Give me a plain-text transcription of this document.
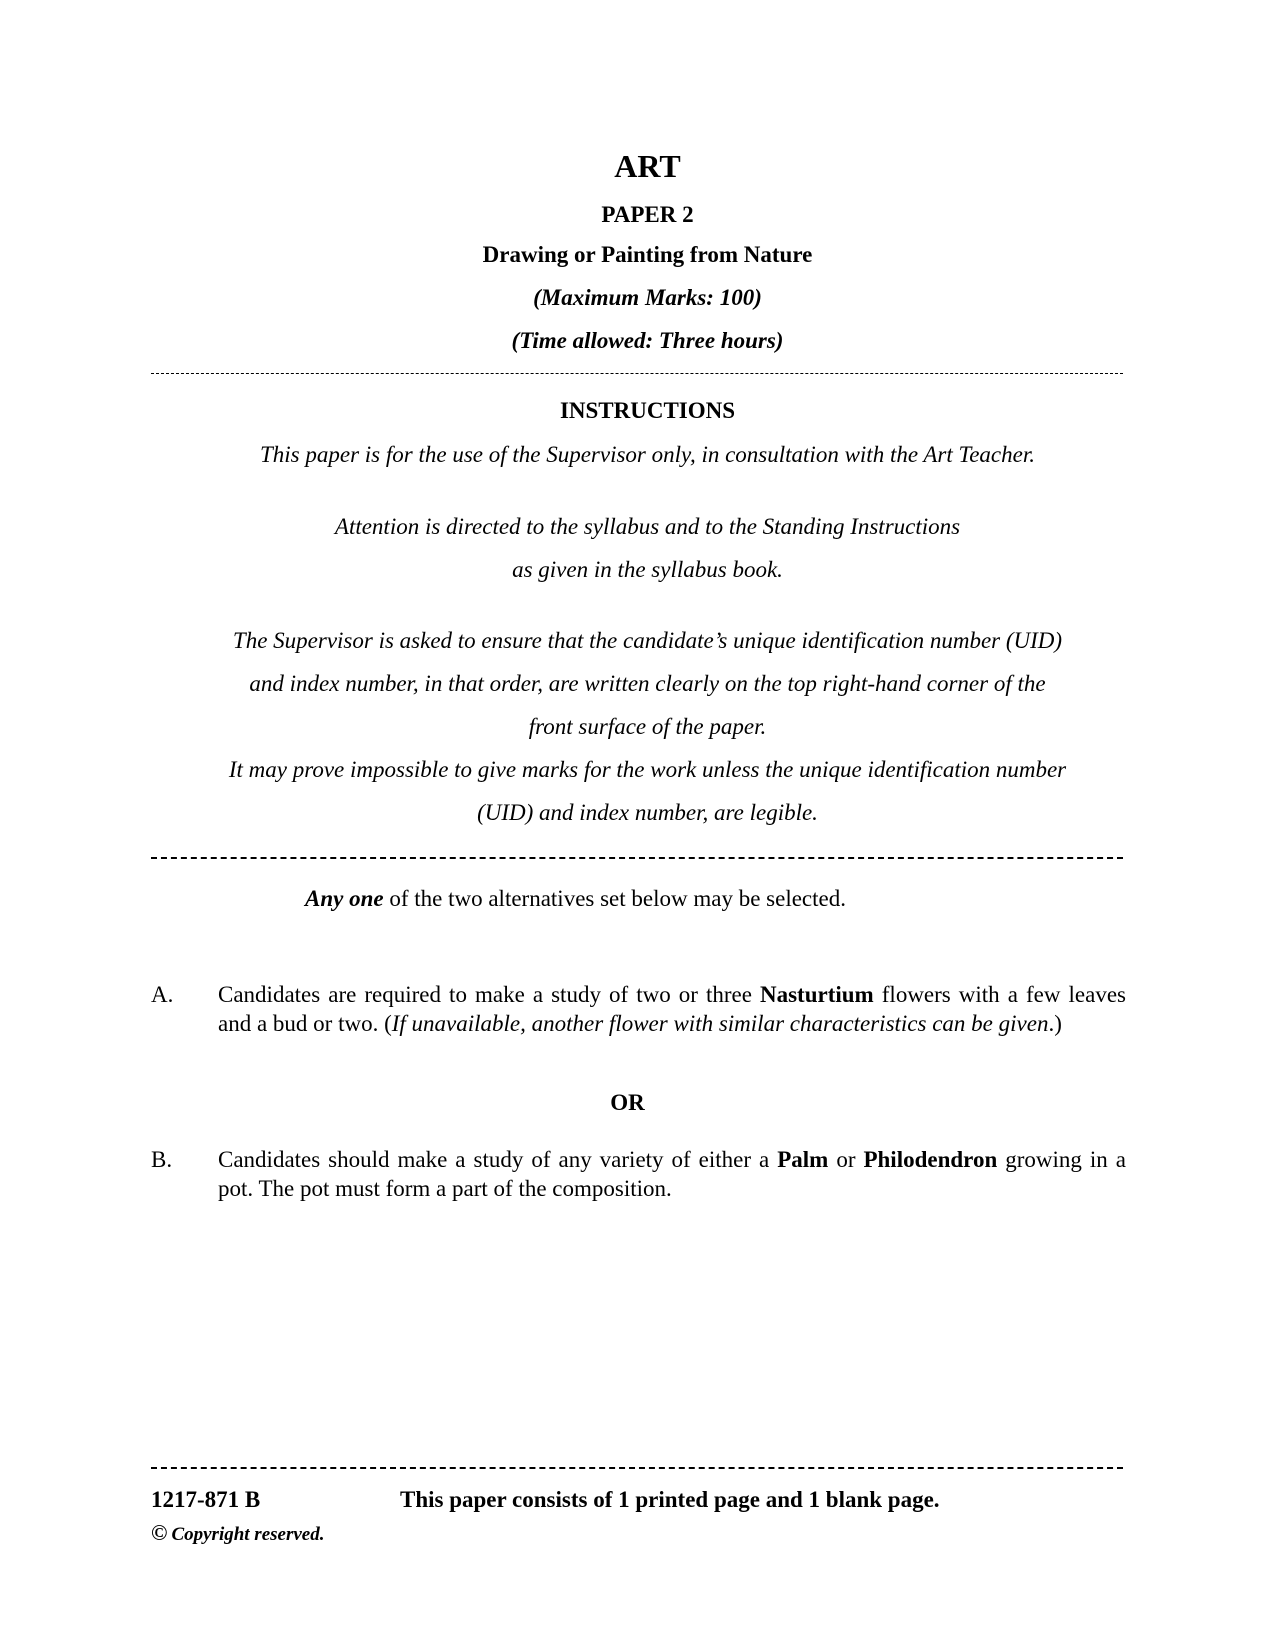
ART
PAPER 2
Drawing or Painting from Nature
(Maximum Marks: 100)
(Time allowed: Three hours)
INSTRUCTIONS
This paper is for the use of the Supervisor only, in consultation with the Art Teacher.
Attention is directed to the syllabus and to the Standing Instructions
as given in the syllabus book.
The Supervisor is asked to ensure that the candidate’s unique identification number (UID)
and index number, in that order, are written clearly on the top right-hand corner of the
front surface of the paper.
It may prove impossible to give marks for the work unless the unique identification number
(UID) and index number, are legible.
Any one of the two alternatives set below may be selected.
A. Candidates are required to make a study of two or three Nasturtium flowers with a few leaves and a bud or two. (If unavailable, another flower with similar characteristics can be given.)
OR
B. Candidates should make a study of any variety of either a Palm or Philodendron growing in a pot. The pot must form a part of the composition.
1217-871 B	This paper consists of 1 printed page and 1 blank page.
© Copyright reserved.
